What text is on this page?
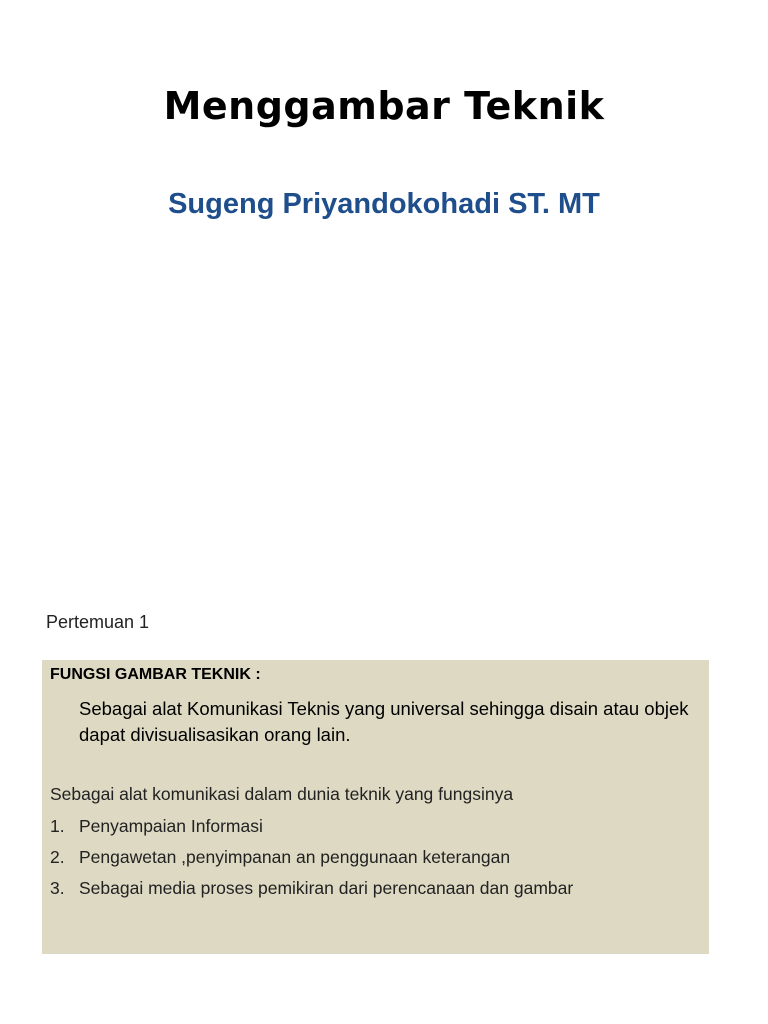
Menggambar Teknik
Sugeng Priyandokohadi ST. MT
Pertemuan 1
FUNGSI GAMBAR TEKNIK :

Sebagai alat Komunikasi Teknis yang universal sehingga disain atau objek dapat divisualisasikan orang lain.

Sebagai alat komunikasi dalam dunia teknik yang fungsinya
1. Penyampaian Informasi
2. Pengawetan ,penyimpanan an penggunaan keterangan
3. Sebagai media proses pemikiran dari perencanaan dan gambar
